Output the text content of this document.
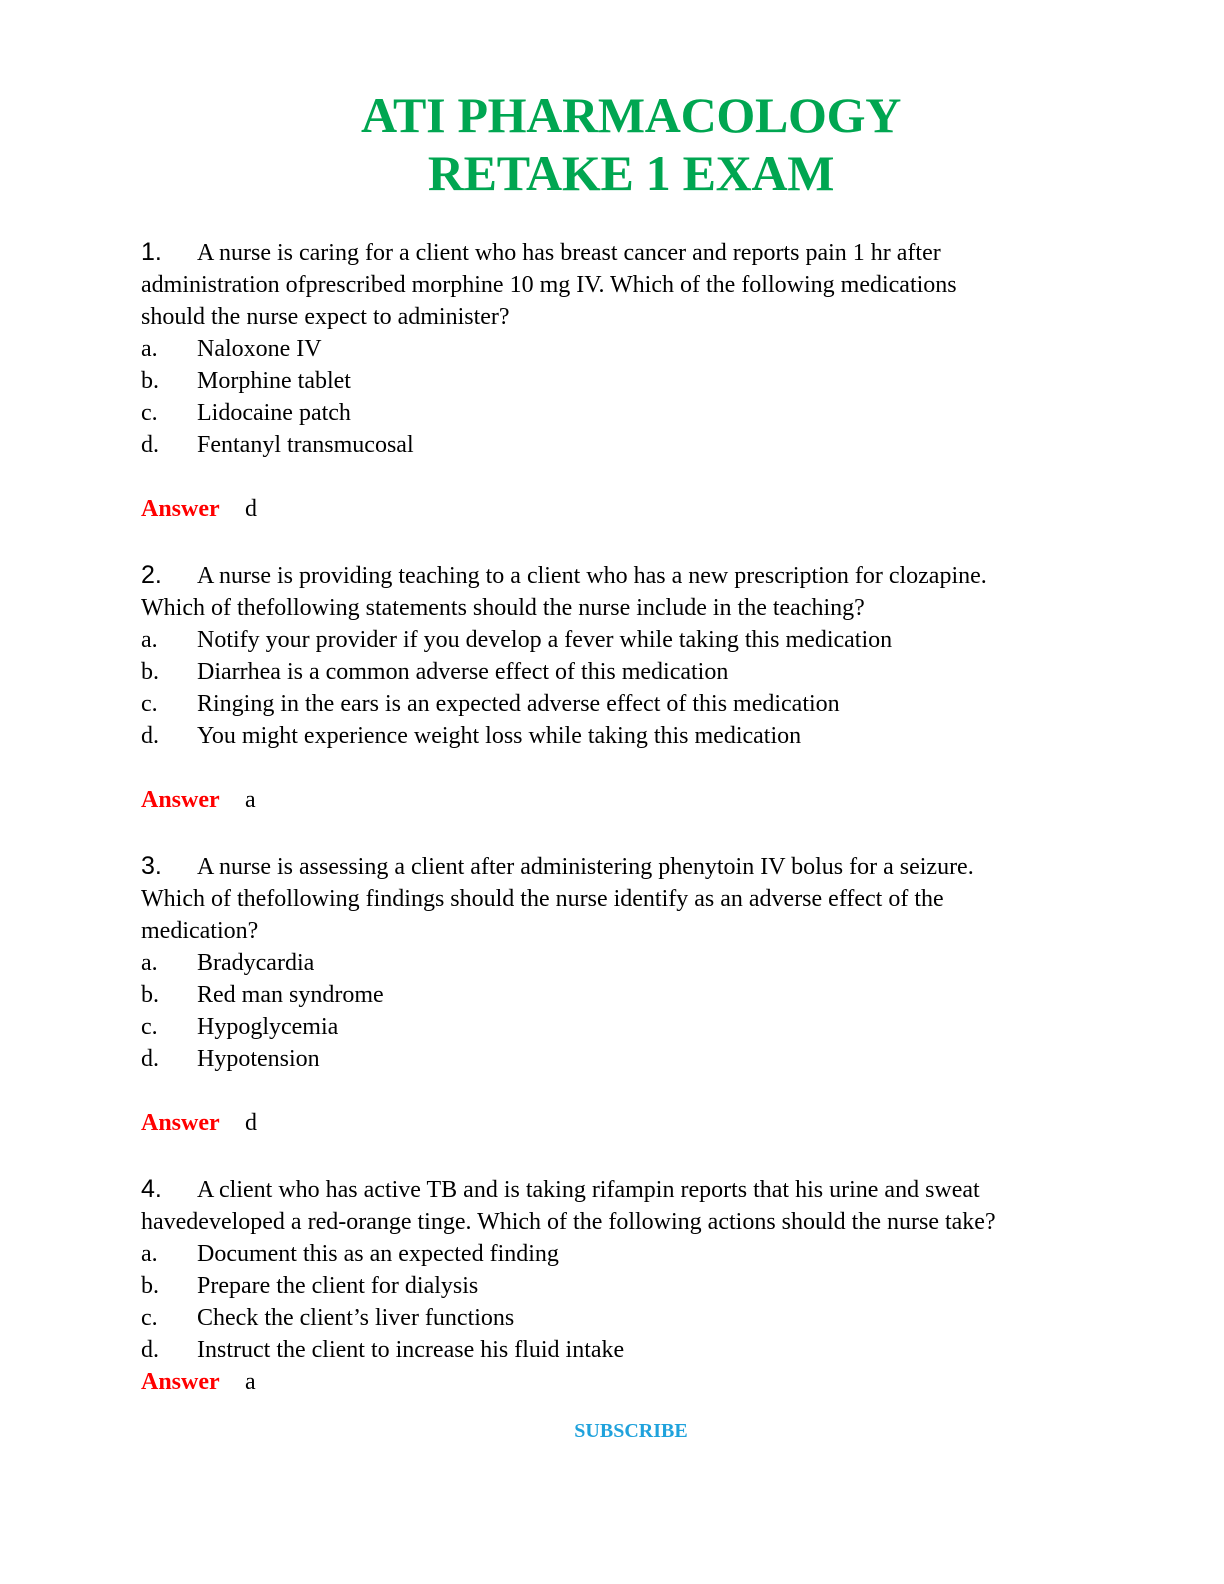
ATI PHARMACOLOGY
RETAKE 1 EXAM
1. A nurse is caring for a client who has breast cancer and reports pain 1 hr after
administration ofprescribed morphine 10 mg IV. Which of the following medications
should the nurse expect to administer?
a.	Naloxone IV
b.	Morphine tablet
c.	Lidocaine patch
d.	Fentanyl transmucosal
Answer d
2. A nurse is providing teaching to a client who has a new prescription for clozapine.
Which of thefollowing statements should the nurse include in the teaching?
a.	Notify your provider if you develop a fever while taking this medication
b.	Diarrhea is a common adverse effect of this medication
c.	Ringing in the ears is an expected adverse effect of this medication
d.	You might experience weight loss while taking this medication
Answer a
3. A nurse is assessing a client after administering phenytoin IV bolus for a seizure.
Which of thefollowing findings should the nurse identify as an adverse effect of the
medication?
a.	Bradycardia
b.	Red man syndrome
c.	Hypoglycemia
d.	Hypotension
Answer d
4. A client who has active TB and is taking rifampin reports that his urine and sweat
havedeveloped a red-orange tinge. Which of the following actions should the nurse take?
a.	Document this as an expected finding
b.	Prepare the client for dialysis
c.	Check the client’s liver functions
d.	Instruct the client to increase his fluid intake
Answer a
SUBSCRIBE
